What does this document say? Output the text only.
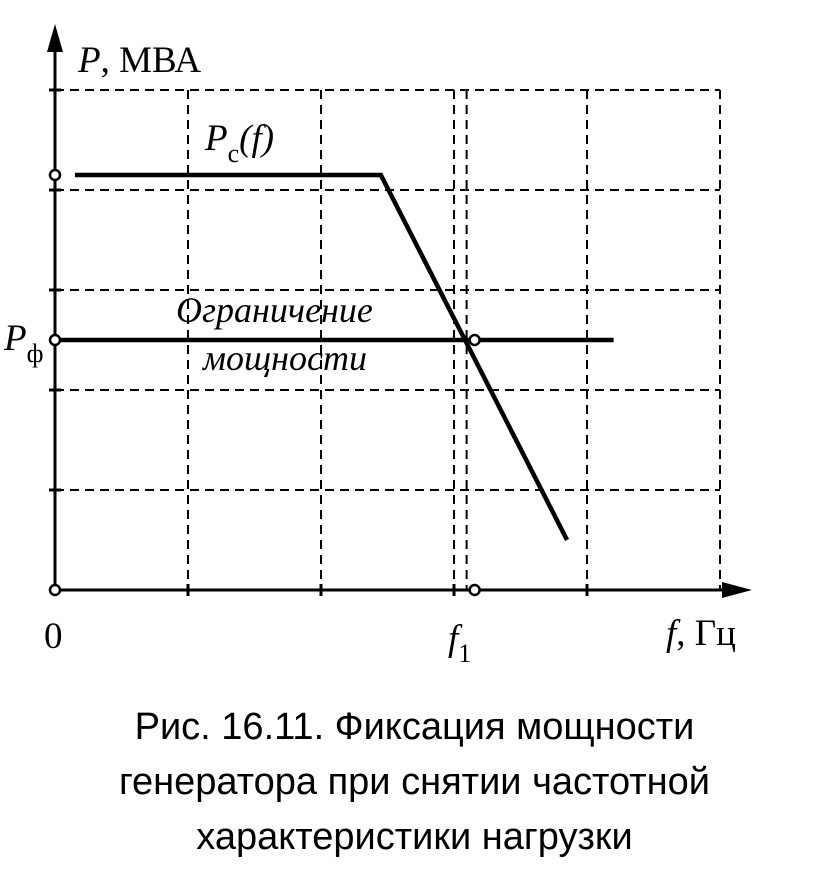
P, МВА
f, Гц
0
$P_ф$
$f_1$
$P_с(f)$
Ограничение
мощности
Рис. 16.11. Фиксация мощности
генератора при снятии частотной
характеристики нагрузки
